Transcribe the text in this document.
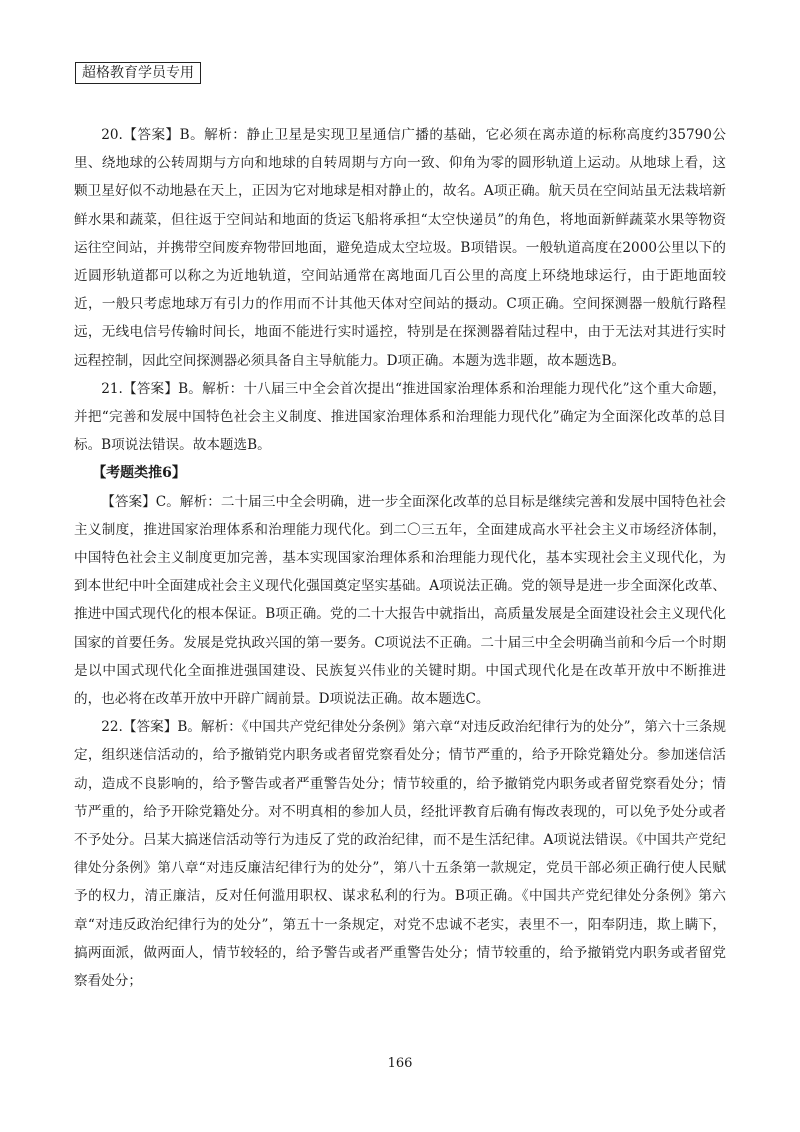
超格教育学员专用

20.【答案】B。解析：静止卫星是实现卫星通信广播的基础，它必须在离赤道的标称高度约35790公里、绕地球的公转周期与方向和地球的自转周期与方向一致、仰角为零的圆形轨道上运动。从地球上看，这颗卫星好似不动地悬在天上，正因为它对地球是相对静止的，故名。A项正确。航天员在空间站虽无法栽培新鲜水果和蔬菜，但往返于空间站和地面的货运飞船将承担“太空快递员”的角色，将地面新鲜蔬菜水果等物资运往空间站，并携带空间废弃物带回地面，避免造成太空垃圾。B项错误。一般轨道高度在2000公里以下的近圆形轨道都可以称之为近地轨道，空间站通常在离地面几百公里的高度上环绕地球运行，由于距地面较近，一般只考虑地球万有引力的作用而不计其他天体对空间站的摄动。C项正确。空间探测器一般航行路程远，无线电信号传输时间长，地面不能进行实时遥控，特别是在探测器着陆过程中，由于无法对其进行实时远程控制，因此空间探测器必须具备自主导航能力。D项正确。本题为选非题，故本题选B。

21.【答案】B。解析：十八届三中全会首次提出“推进国家治理体系和治理能力现代化”这个重大命题，并把“完善和发展中国特色社会主义制度、推进国家治理体系和治理能力现代化”确定为全面深化改革的总目标。B项说法错误。故本题选B。

【考题类推6】

【答案】C。解析：二十届三中全会明确，进一步全面深化改革的总目标是继续完善和发展中国特色社会主义制度，推进国家治理体系和治理能力现代化。到二〇三五年，全面建成高水平社会主义市场经济体制，中国特色社会主义制度更加完善，基本实现国家治理体系和治理能力现代化，基本实现社会主义现代化，为到本世纪中叶全面建成社会主义现代化强国奠定坚实基础。A项说法正确。党的领导是进一步全面深化改革、推进中国式现代化的根本保证。B项正确。党的二十大报告中就指出，高质量发展是全面建设社会主义现代化国家的首要任务。发展是党执政兴国的第一要务。C项说法不正确。二十届三中全会明确当前和今后一个时期是以中国式现代化全面推进强国建设、民族复兴伟业的关键时期。中国式现代化是在改革开放中不断推进的，也必将在改革开放中开辟广阔前景。D项说法正确。故本题选C。

22.【答案】B。解析：《中国共产党纪律处分条例》第六章“对违反政治纪律行为的处分”，第六十三条规定，组织迷信活动的，给予撤销党内职务或者留党察看处分；情节严重的，给予开除党籍处分。参加迷信活动，造成不良影响的，给予警告或者严重警告处分；情节较重的，给予撤销党内职务或者留党察看处分；情节严重的，给予开除党籍处分。对不明真相的参加人员，经批评教育后确有悔改表现的，可以免予处分或者不予处分。吕某大搞迷信活动等行为违反了党的政治纪律，而不是生活纪律。A项说法错误。《中国共产党纪律处分条例》第八章“对违反廉洁纪律行为的处分”，第八十五条第一款规定，党员干部必须正确行使人民赋予的权力，清正廉洁，反对任何滥用职权、谋求私利的行为。B项正确。《中国共产党纪律处分条例》第六章“对违反政治纪律行为的处分”，第五十一条规定，对党不忠诚不老实，表里不一，阳奉阴违，欺上瞒下，搞两面派，做两面人，情节较轻的，给予警告或者严重警告处分；情节较重的，给予撤销党内职务或者留党察看处分；

166
